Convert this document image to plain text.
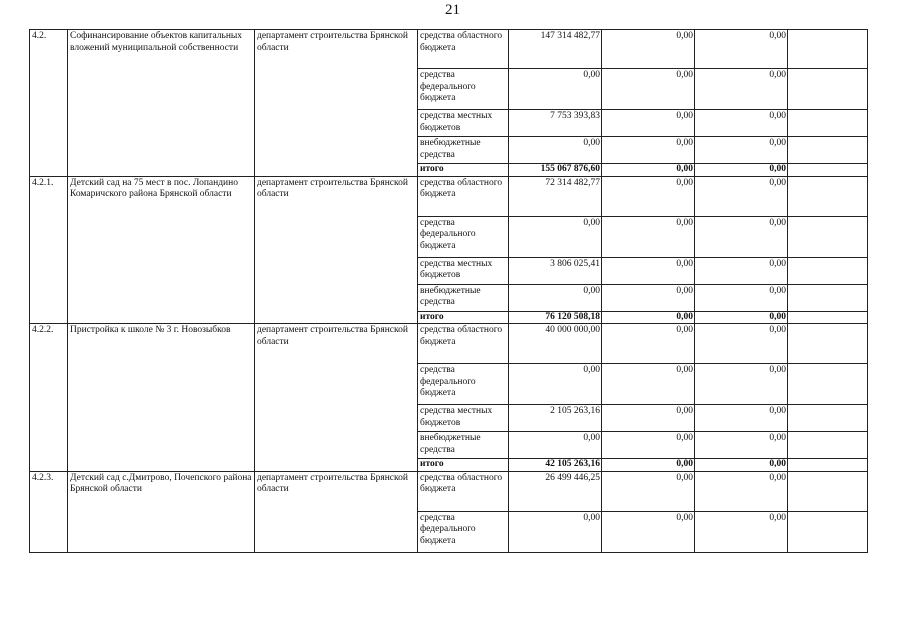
21
4.2.	Софинансирование объектов капитальных вложений муниципальной собственности	департамент строительства Брянской области	средства областного бюджета	147 314 482,77	0,00	0,00	
			средства федерального бюджета	0,00	0,00	0,00	
			средства местных бюджетов	7 753 393,83	0,00	0,00	
			внебюджетные средства	0,00	0,00	0,00	
			итого	155 067 876,60	0,00	0,00	
4.2.1.	Детский сад на 75 мест в пос. Лопандино Комаричского района Брянской области	департамент строительства Брянской области	средства областного бюджета	72 314 482,77	0,00	0,00	
			средства федерального бюджета	0,00	0,00	0,00	
			средства местных бюджетов	3 806 025,41	0,00	0,00	
			внебюджетные средства	0,00	0,00	0,00	
			итого	76 120 508,18	0,00	0,00	
4.2.2.	Пристройка к школе № 3 г. Новозыбков	департамент строительства Брянской области	средства областного бюджета	40 000 000,00	0,00	0,00	
			средства федерального бюджета	0,00	0,00	0,00	
			средства местных бюджетов	2 105 263,16	0,00	0,00	
			внебюджетные средства	0,00	0,00	0,00	
			итого	42 105 263,16	0,00	0,00	
4.2.3.	Детский сад с.Дмитрово, Почепского района Брянской области	департамент строительства Брянской области	средства областного бюджета	26 499 446,25	0,00	0,00	
			средства федерального бюджета	0,00	0,00	0,00	
